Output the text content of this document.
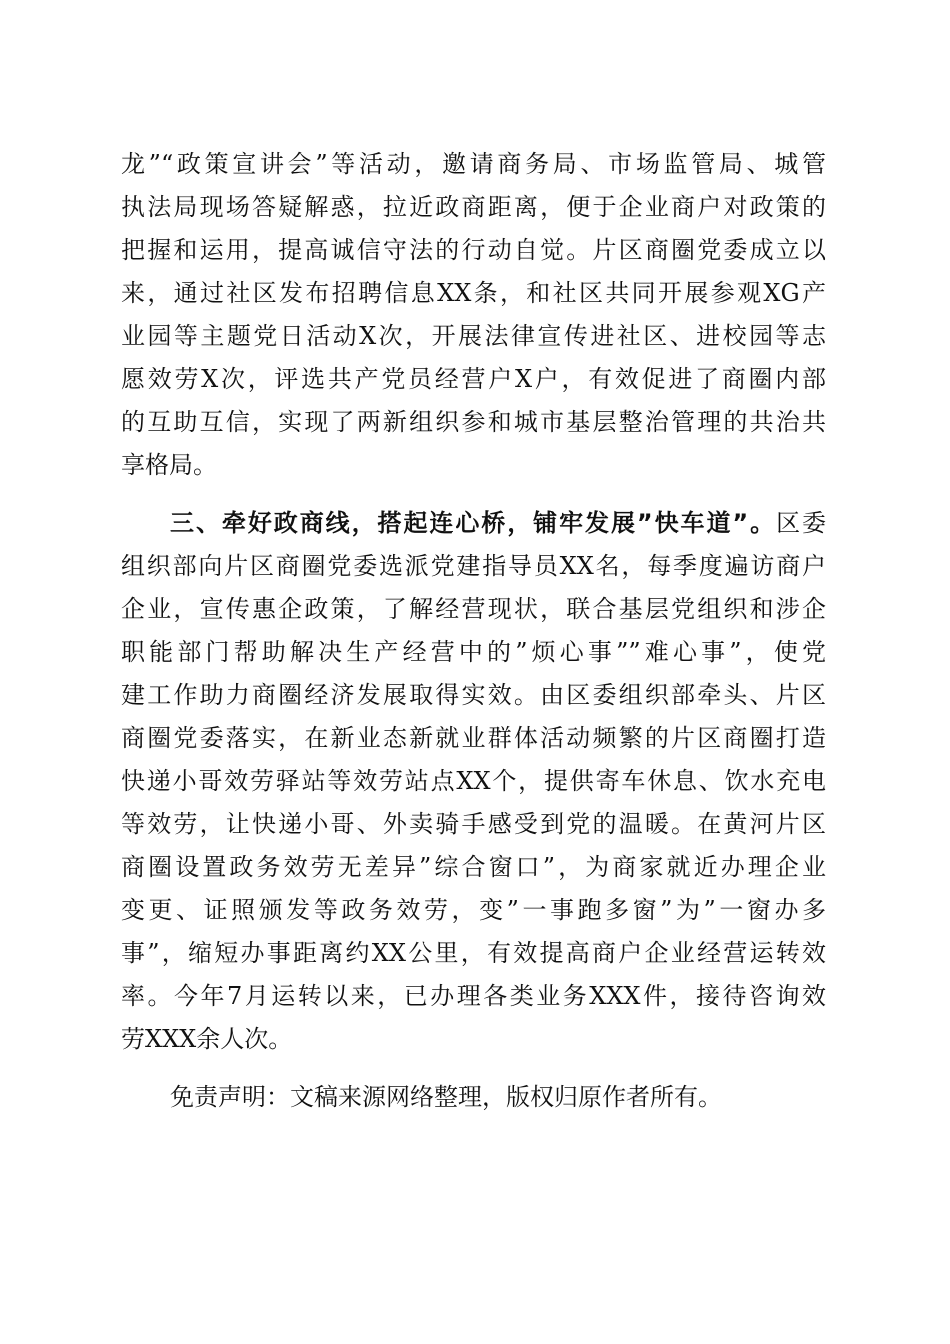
龙”“政策宣讲会”等活动，邀请商务局、市场监管局、城管
执法局现场答疑解惑，拉近政商距离，便于企业商户对政策的
把握和运用，提高诚信守法的行动自觉。片区商圈党委成立以
来，通过社区发布招聘信息XX条，和社区共同开展参观XG产
业园等主题党日活动X次，开展法律宣传进社区、进校园等志
愿效劳X次，评选共产党员经营户X户，有效促进了商圈内部
的互助互信，实现了两新组织参和城市基层整治管理的共治共
享格局。
三、牵好政商线，搭起连心桥，铺牢发展”快车道”。区委
组织部向片区商圈党委选派党建指导员XX名，每季度遍访商户
企业，宣传惠企政策，了解经营现状，联合基层党组织和涉企
职能部门帮助解决生产经营中的”烦心事””难心事”，使党
建工作助力商圈经济发展取得实效。由区委组织部牵头、片区
商圈党委落实，在新业态新就业群体活动频繁的片区商圈打造
快递小哥效劳驿站等效劳站点XX个，提供寄车休息、饮水充电
等效劳，让快递小哥、外卖骑手感受到党的温暖。在黄河片区
商圈设置政务效劳无差异”综合窗口”，为商家就近办理企业
变更、证照颁发等政务效劳，变”一事跑多窗”为”一窗办多
事”，缩短办事距离约XX公里，有效提高商户企业经营运转效
率。今年7月运转以来，已办理各类业务XXX件，接待咨询效
劳XXX余人次。
免责声明：文稿来源网络整理，版权归原作者所有。
